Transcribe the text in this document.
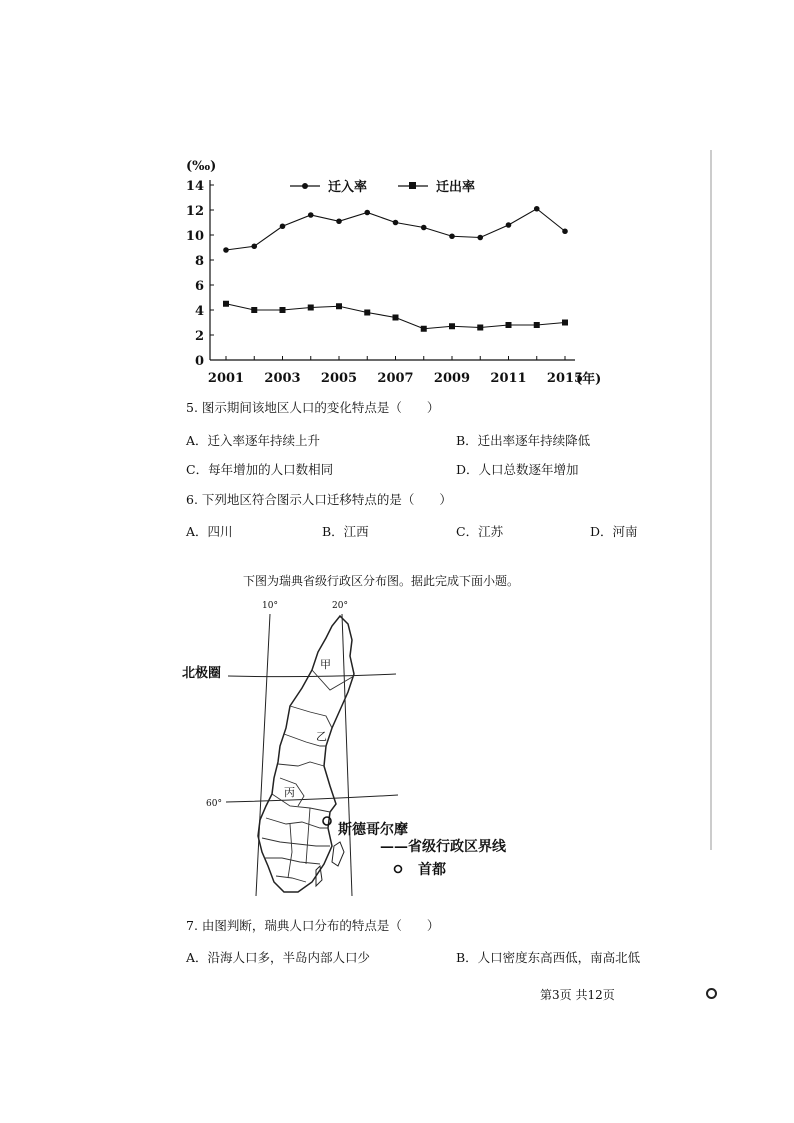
(‰)
迁入率	迁出率
0
2
4
6
8
10
12
14
2001 2003 2005 2007 2009 2011 2015
(年)
5. 图示期间该地区人口的变化特点是（　　）
A．迁入率逐年持续上升	B．迁出率逐年持续降低
C．每年增加的人口数相同	D．人口总数逐年增加
6. 下列地区符合图示人口迁移特点的是（　　）
A．四川	B．江西	C．江苏	D．河南
下图为瑞典省级行政区分布图。据此完成下面小题。
10°	20°
北极圈
60°
甲
乙
丙
斯德哥尔摩
——省级行政区界线
首都
7. 由图判断，瑞典人口分布的特点是（　　）
A．沿海人口多，半岛内部人口少	B．人口密度东高西低，南高北低
第3页 共12页
